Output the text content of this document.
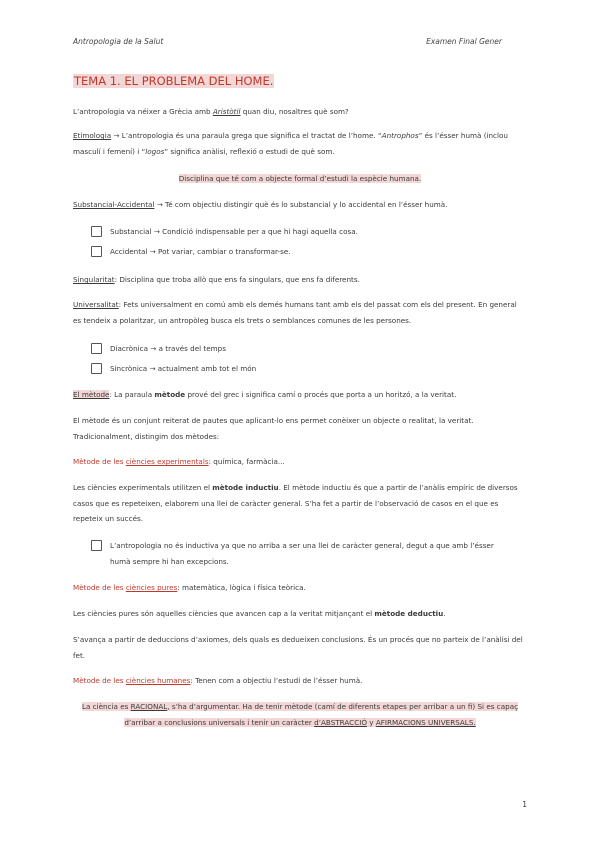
Antropologia de la Salut	Examen Final Gener
TEMA 1. EL PROBLEMA DEL HOME.
L’antropologia va néixer a Grècia amb Aristòtil quan diu, nosaltres què som?
Etimologia → L’antropologia és una paraula grega que significa el tractat de l’home. “Antrophos” és l’ésser humà (inclou masculí i femení) i “logos” significa anàlisi, reflexió o estudi de què som.
Disciplina que té com a objecte formal d’estudi la espècie humana.
Substancial-Accidental → Té com objectiu distingir què és lo substancial y lo accidental en l’ésser humà.
Substancial → Condició indispensable per a que hi hagi aquella cosa.
Accidental → Pot variar, cambiar o transformar-se.
Singularitat: Disciplina que troba allò que ens fa singulars, que ens fa diferents.
Universalitat: Fets universalment en comú amb els demés humans tant amb els del passat com els del present. En general es tendeix a polaritzar, un antropòleg busca els trets o semblances comunes de les persones.
Diacrònica → a través del temps
Sincrònica → actualment amb tot el món
El mètode: La paraula mètode prové del grec i significa camí o procés que porta a un horitzó, a la veritat.
El mètode és un conjunt reiterat de pautes que aplicant-lo ens permet conèixer un objecte o realitat, la veritat. Tradicionalment, distingim dos mètodes:
Mètode de les ciències experimentals: química, farmàcia...
Les ciències experimentals utilitzen el mètode inductiu. El mètode inductiu és que a partir de l’anàlis empíric de diversos casos que es repeteixen, elaborem una llei de caràcter general. S’ha fet a partir de l’observació de casos en el que es repeteix un succés.
L’antropologia no és inductiva ya que no arriba a ser una llei de caràcter general, degut a que amb l’ésser humà sempre hi han excepcions.
Mètode de les ciències pures: matemàtica, lògica i física teòrica.
Les ciències pures són aquelles ciències que avancen cap a la veritat mitjançant el mètode deductiu.
S’avança a partir de deduccions d’axiomes, dels quals es dedueixen conclusions. És un procés que no parteix de l’anàlisi del fet.
Mètode de les ciències humanes: Tenen com a objectiu l’estudi de l’ésser humà.
La ciència es RACIONAL, s’ha d’argumentar. Ha de tenir mètode (camí de diferents etapes per arribar a un fi) Si es capaç d’arribar a conclusions universals i tenir un caràcter d’ABSTRACCIÓ y AFIRMACIONS UNIVERSALS.
1
